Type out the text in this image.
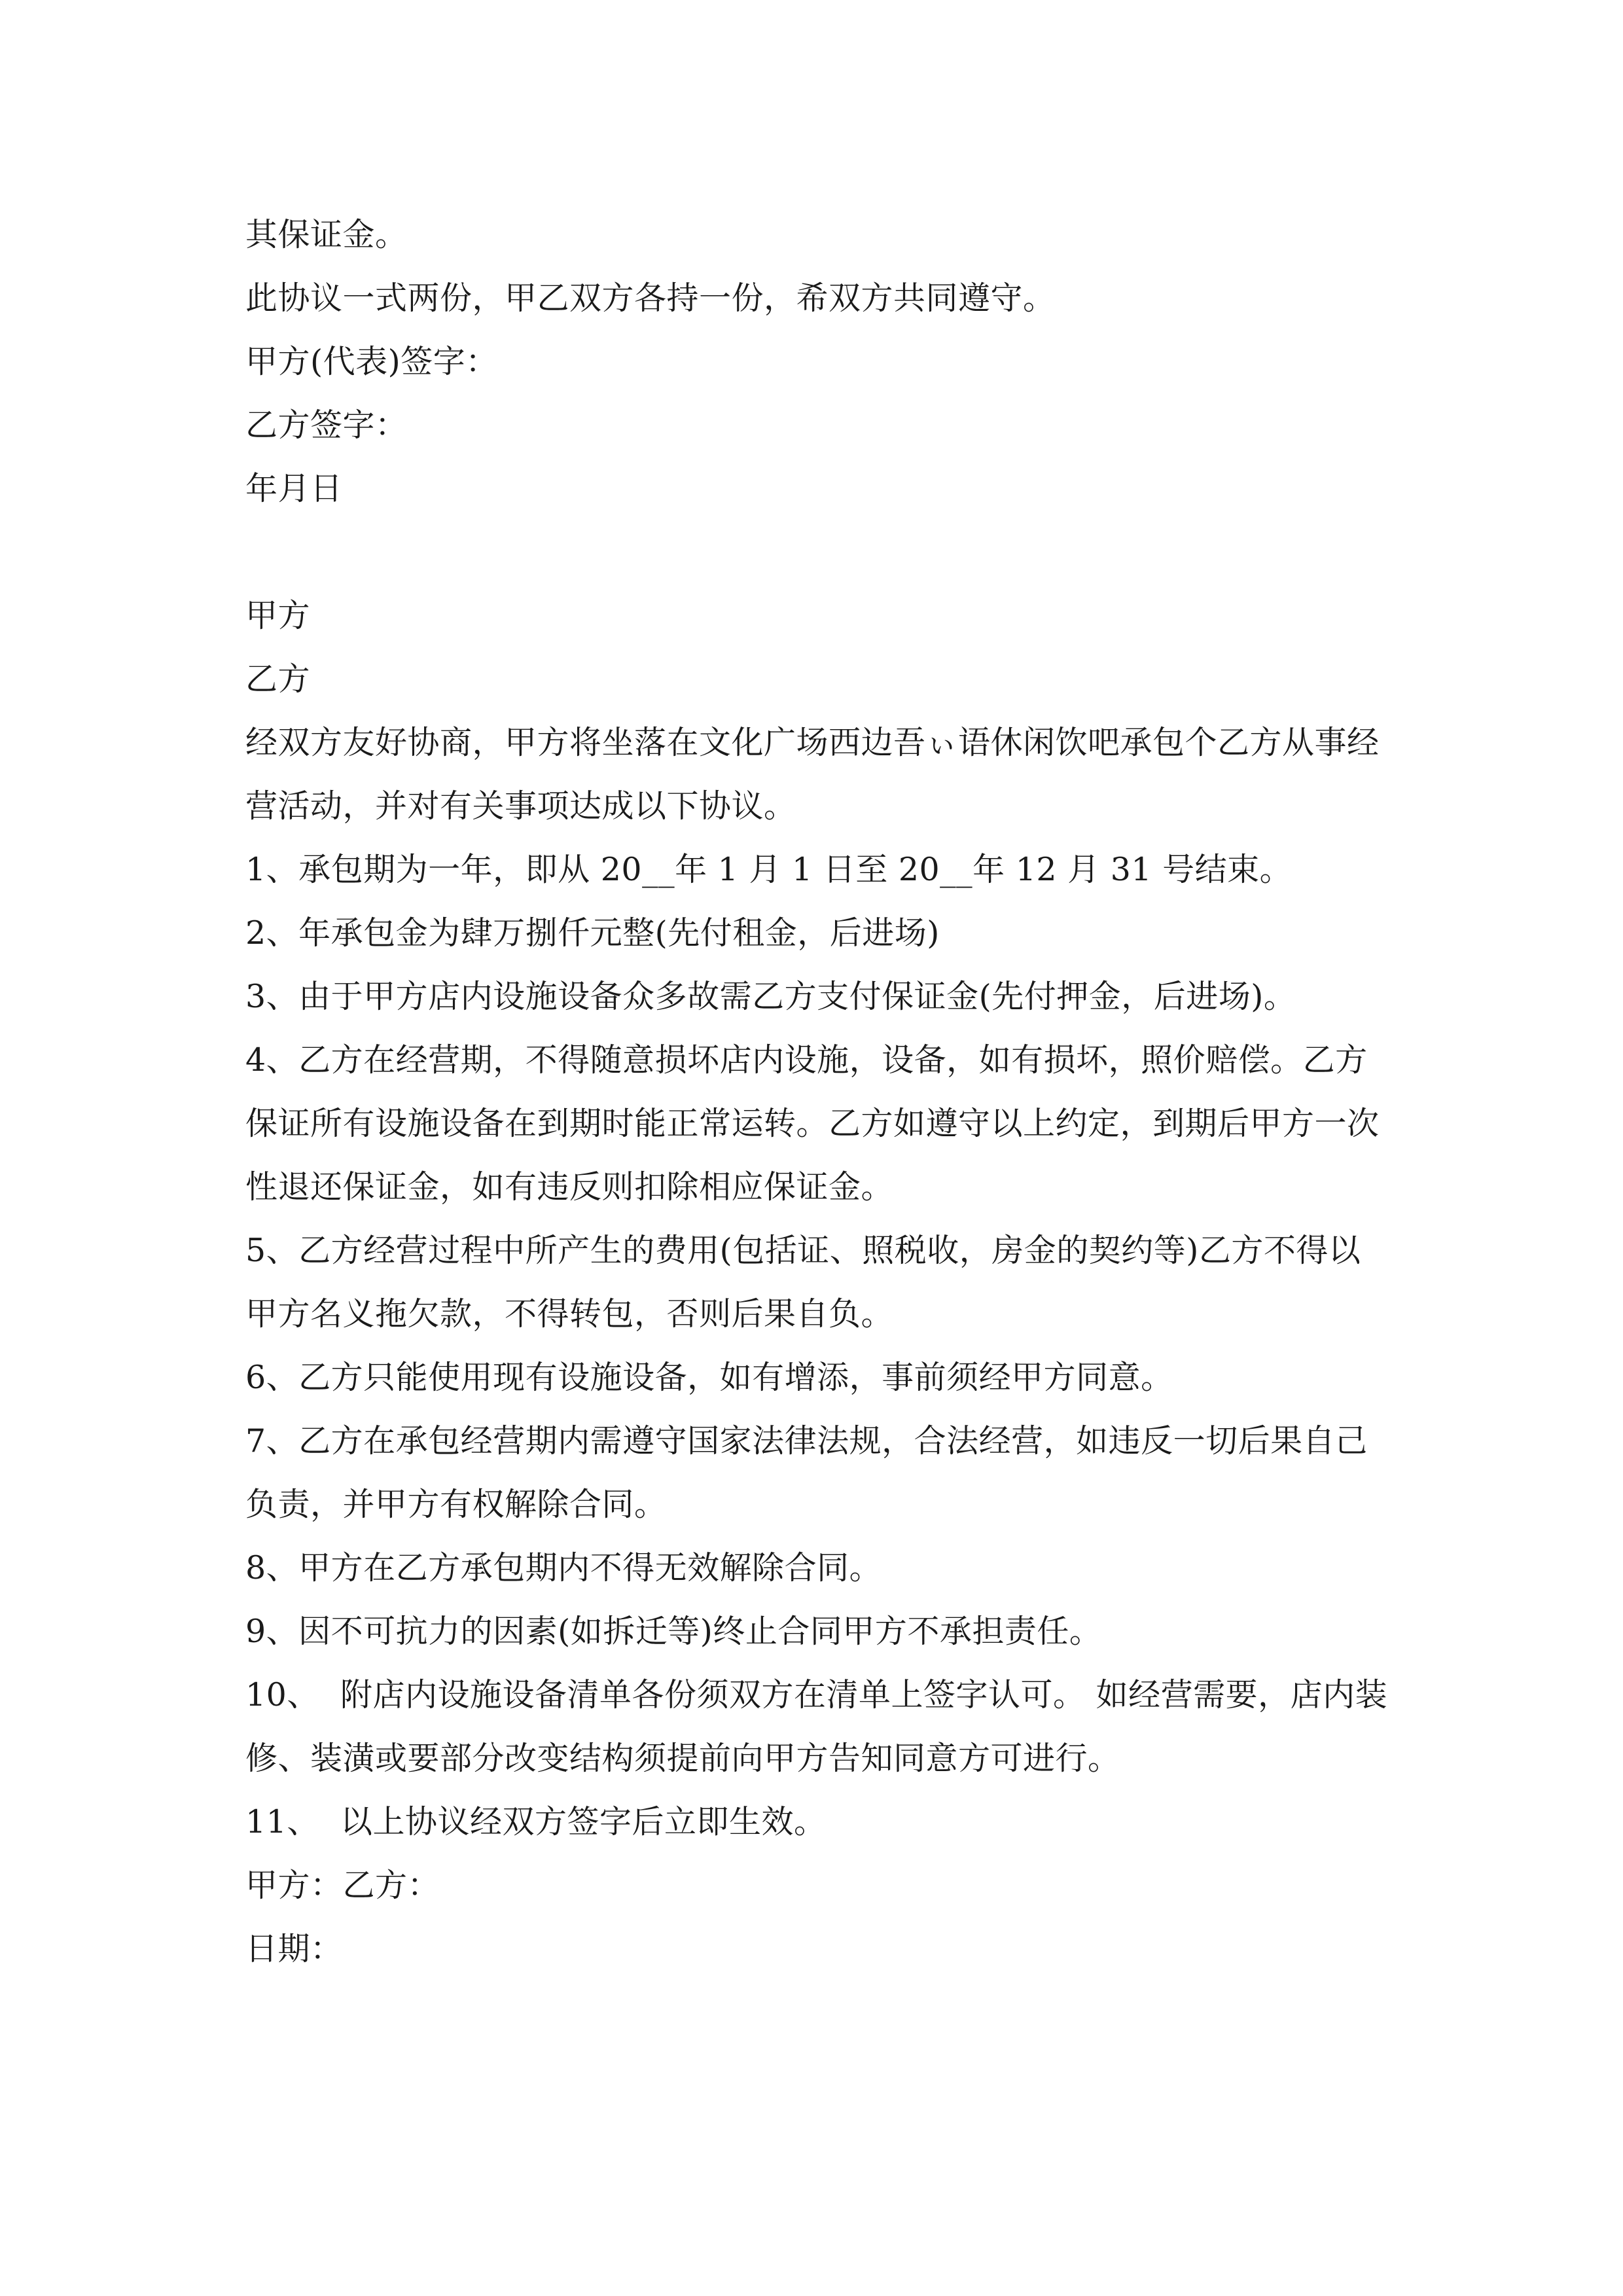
其保证金。
此协议一式两份，甲乙双方各持一份，希双方共同遵守。
甲方(代表)签字：
乙方签字：
年月日
甲方
乙方
经双方友好协商，甲方将坐落在文化广场西边吾ぃ语休闲饮吧承包个乙方从事经
营活动，并对有关事项达成以下协议。
1、承包期为一年，即从 20__年 1 月 1 日至 20__年 12 月 31 号结束。
2、年承包金为肆万捌仟元整(先付租金，后进场)
3、由于甲方店内设施设备众多故需乙方支付保证金(先付押金，后进场)。
4、乙方在经营期，不得随意损坏店内设施，设备，如有损坏，照价赔偿。乙方
保证所有设施设备在到期时能正常运转。乙方如遵守以上约定，到期后甲方一次
性退还保证金，如有违反则扣除相应保证金。
5、乙方经营过程中所产生的费用(包括证、照税收，房金的契约等)乙方不得以
甲方名义拖欠款，不得转包，否则后果自负。
6、乙方只能使用现有设施设备，如有增添，事前须经甲方同意。
7、乙方在承包经营期内需遵守国家法律法规，合法经营，如违反一切后果自己
负责，并甲方有权解除合同。
8、甲方在乙方承包期内不得无效解除合同。
9、因不可抗力的因素(如拆迁等)终止合同甲方不承担责任。
10、  附店内设施设备清单各份须双方在清单上签字认可。 如经营需要，店内装
修、装潢或要部分改变结构须提前向甲方告知同意方可进行。
11、  以上协议经双方签字后立即生效。
甲方：乙方：
日期：
